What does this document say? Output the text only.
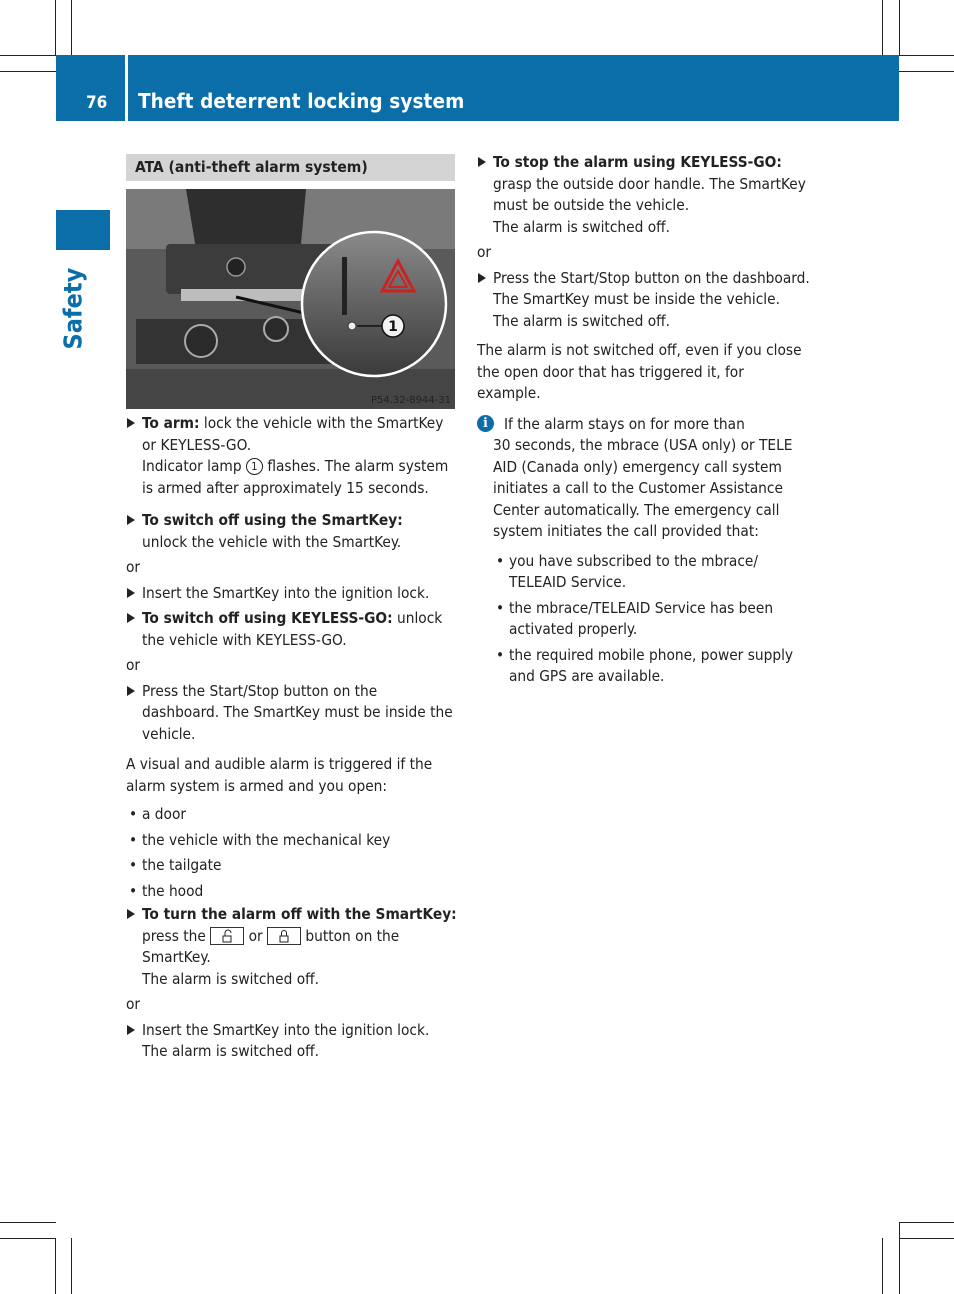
76 Theft deterrent locking system
Safety
ATA (anti-theft alarm system)
1
P54.32-8944-31
To arm: lock the vehicle with the SmartKey or KEYLESS-GO.
Indicator lamp 1 flashes. The alarm system is armed after approximately 15 seconds.
To switch off using the SmartKey:
unlock the vehicle with the SmartKey.

or

Insert the SmartKey into the ignition lock.
To switch off using KEYLESS-GO: unlock the vehicle with KEYLESS-GO.

or

Press the Start/Stop button on the dashboard. The SmartKey must be inside the vehicle.

A visual and audible alarm is triggered if the alarm system is armed and you open:

• a door
• the vehicle with the mechanical key
• the tailgate
• the hood
To turn the alarm off with the SmartKey: press the  or  button on the SmartKey.
The alarm is switched off.

or

Insert the SmartKey into the ignition lock.
The alarm is switched off.
To stop the alarm using KEYLESS-GO:
grasp the outside door handle. The SmartKey must be outside the vehicle.
The alarm is switched off.

or

Press the Start/Stop button on the dashboard. The SmartKey must be inside the vehicle.
The alarm is switched off.

The alarm is not switched off, even if you close the open door that has triggered it, for example.

i	If the alarm stays on for more than
30 seconds, the mbrace (USA only) or TELE AID (Canada only) emergency call system initiates a call to the Customer Assistance Center automatically. The emergency call system initiates the call provided that:
• you have subscribed to the mbrace/ TELEAID Service.
• the mbrace/TELEAID Service has been activated properly.
• the required mobile phone, power supply and GPS are available.
